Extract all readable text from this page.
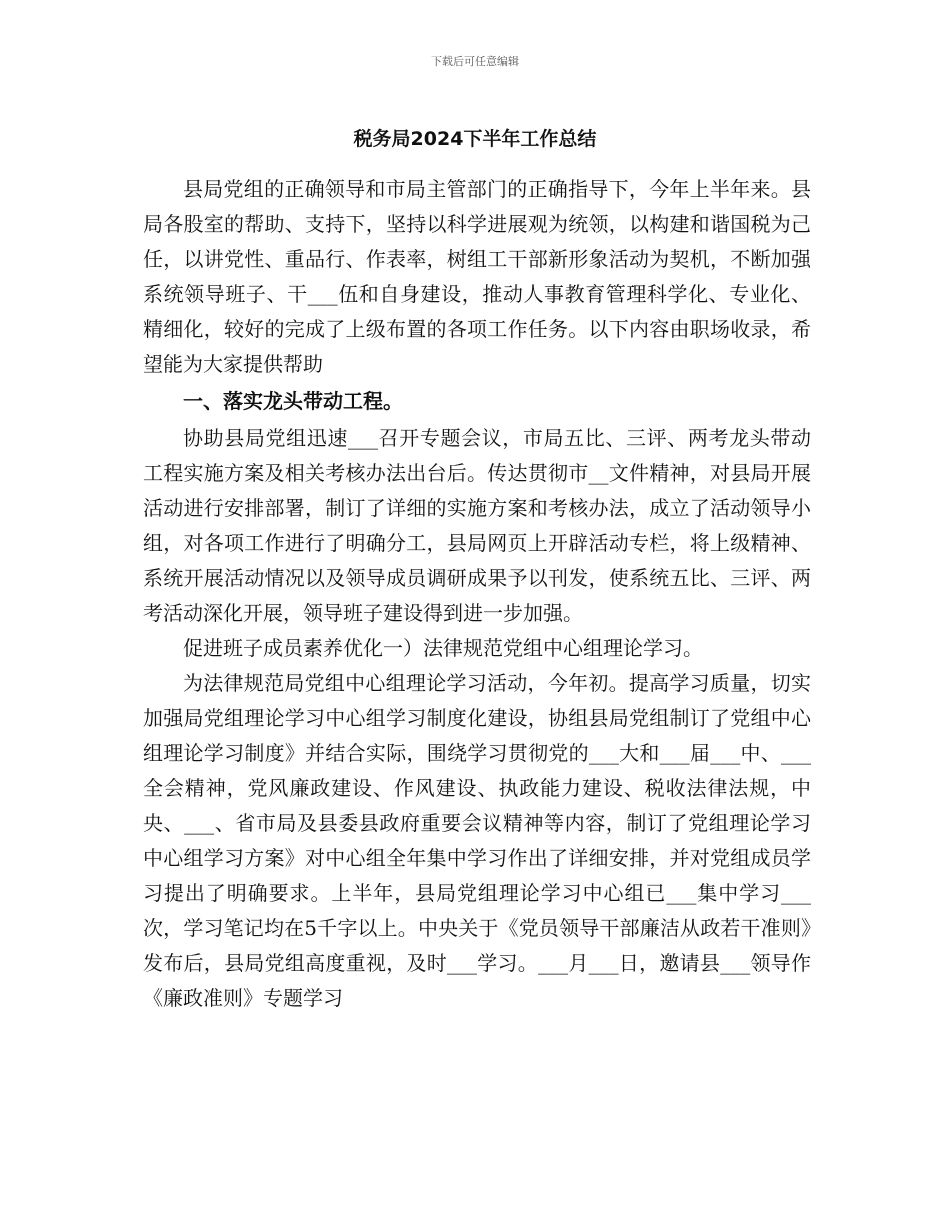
下载后可任意编辑
税务局2024下半年工作总结

县局党组的正确领导和市局主管部门的正确指导下，今年上半年来。县局各股室的帮助、支持下，坚持以科学进展观为统领，以构建和谐国税为己任，以讲党性、重品行、作表率，树组工干部新形象活动为契机，不断加强系统领导班子、干___伍和自身建设，推动人事教育管理科学化、专业化、精细化，较好的完成了上级布置的各项工作任务。以下内容由职场收录，希望能为大家提供帮助

一、落实龙头带动工程。

协助县局党组迅速___召开专题会议，市局五比、三评、两考龙头带动工程实施方案及相关考核办法出台后。传达贯彻市__文件精神，对县局开展活动进行安排部署，制订了详细的实施方案和考核办法，成立了活动领导小组，对各项工作进行了明确分工，县局网页上开辟活动专栏，将上级精神、系统开展活动情况以及领导成员调研成果予以刊发，使系统五比、三评、两考活动深化开展，领导班子建设得到进一步加强。

促进班子成员素养优化一）法律规范党组中心组理论学习。

为法律规范局党组中心组理论学习活动，今年初。提高学习质量，切实加强局党组理论学习中心组学习制度化建设，协组县局党组制订了党组中心组理论学习制度》并结合实际，围绕学习贯彻党的___大和___届___中、___全会精神，党风廉政建设、作风建设、执政能力建设、税收法律法规，中央、___、省市局及县委县政府重要会议精神等内容，制订了党组理论学习中心组学习方案》对中心组全年集中学习作出了详细安排，并对党组成员学习提出了明确要求。上半年，县局党组理论学习中心组已___集中学习___次，学习笔记均在5千字以上。中央关于《党员领导干部廉洁从政若干准则》发布后，县局党组高度重视，及时___学习。___月___日，邀请县___领导作《廉政准则》专题学习
